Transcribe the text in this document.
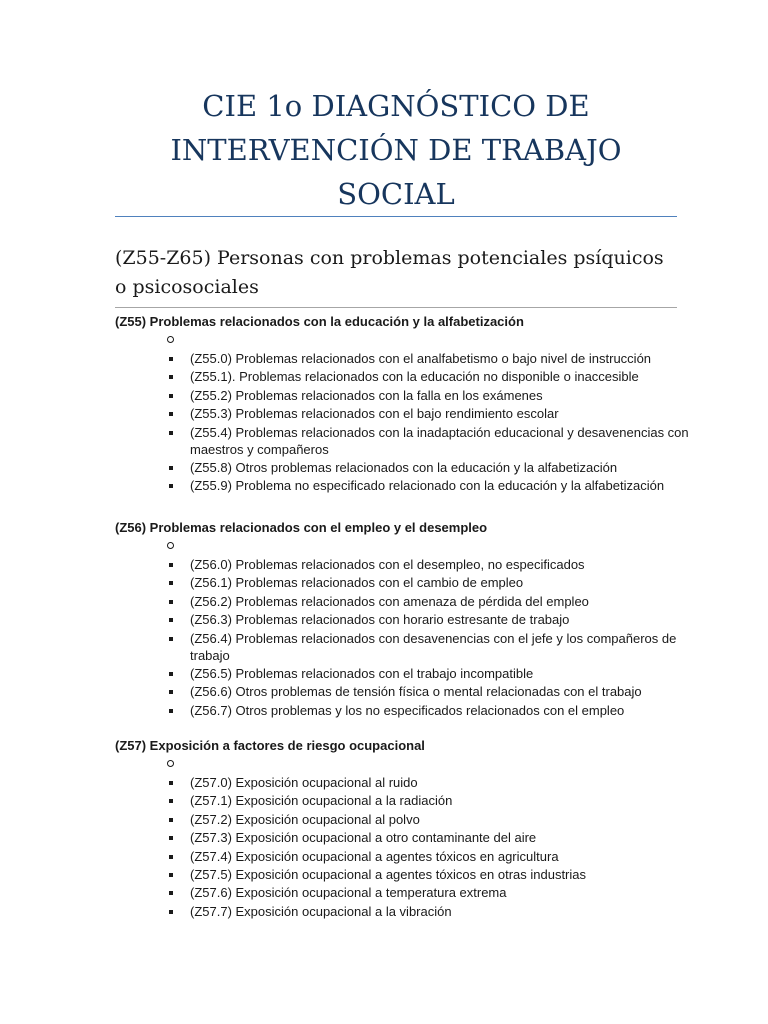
CIE 1o DIAGNÓSTICO DE INTERVENCIÓN DE TRABAJO SOCIAL
(Z55-Z65) Personas con problemas potenciales psíquicos o psicosociales
(Z55) Problemas relacionados con la educación y la alfabetización
(Z55.0) Problemas relacionados con el analfabetismo o bajo nivel de instrucción
(Z55.1). Problemas relacionados con la educación no disponible o inaccesible
(Z55.2) Problemas relacionados con la falla en los exámenes
(Z55.3) Problemas relacionados con el bajo rendimiento escolar
(Z55.4) Problemas relacionados con la inadaptación educacional y desavenencias con maestros y compañeros
(Z55.8) Otros problemas relacionados con la educación y la alfabetización
(Z55.9) Problema no especificado relacionado con la educación y la alfabetización
(Z56) Problemas relacionados con el empleo y el desempleo
(Z56.0) Problemas relacionados con el desempleo, no especificados
(Z56.1) Problemas relacionados con el cambio de empleo
(Z56.2) Problemas relacionados con amenaza de pérdida del empleo
(Z56.3) Problemas relacionados con horario estresante de trabajo
(Z56.4) Problemas relacionados con desavenencias con el jefe y los compañeros de trabajo
(Z56.5) Problemas relacionados con el trabajo incompatible
(Z56.6) Otros problemas de tensión física o mental relacionadas con el trabajo
(Z56.7) Otros problemas y los no especificados relacionados con el empleo
(Z57) Exposición a factores de riesgo ocupacional
(Z57.0) Exposición ocupacional al ruido
(Z57.1) Exposición ocupacional a la radiación
(Z57.2) Exposición ocupacional al polvo
(Z57.3) Exposición ocupacional a otro contaminante del aire
(Z57.4) Exposición ocupacional a agentes tóxicos en agricultura
(Z57.5) Exposición ocupacional a agentes tóxicos en otras industrias
(Z57.6) Exposición ocupacional a temperatura extrema
(Z57.7) Exposición ocupacional a la vibración
